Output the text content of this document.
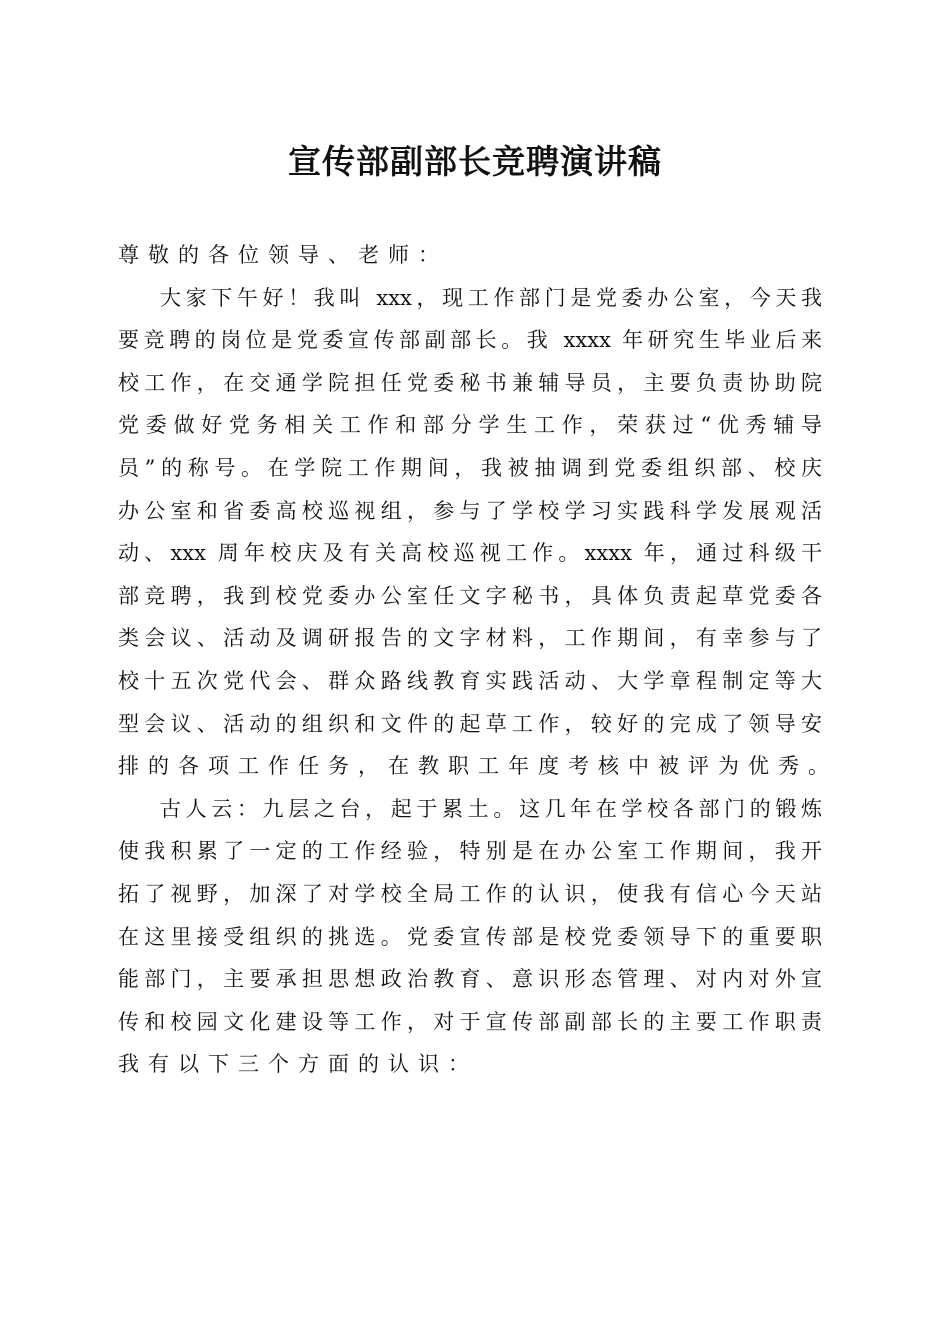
宣传部副部长竞聘演讲稿
尊敬的各位领导、老师：
大家下午好！我叫 xxx，现工作部门是党委办公室，今天我
要竞聘的岗位是党委宣传部副部长。我 xxxx 年研究生毕业后来
校工作，在交通学院担任党委秘书兼辅导员，主要负责协助院
党委做好党务相关工作和部分学生工作，荣获过“优秀辅导
员”的称号。在学院工作期间，我被抽调到党委组织部、校庆
办公室和省委高校巡视组，参与了学校学习实践科学发展观活
动、xxx 周年校庆及有关高校巡视工作。xxxx 年，通过科级干
部竞聘，我到校党委办公室任文字秘书，具体负责起草党委各
类会议、活动及调研报告的文字材料，工作期间，有幸参与了
校十五次党代会、群众路线教育实践活动、大学章程制定等大
型会议、活动的组织和文件的起草工作，较好的完成了领导安
排的各项工作任务，在教职工年度考核中被评为优秀。
古人云：九层之台，起于累土。这几年在学校各部门的锻炼
使我积累了一定的工作经验，特别是在办公室工作期间，我开
拓了视野，加深了对学校全局工作的认识，使我有信心今天站
在这里接受组织的挑选。党委宣传部是校党委领导下的重要职
能部门，主要承担思想政治教育、意识形态管理、对内对外宣
传和校园文化建设等工作，对于宣传部副部长的主要工作职责
我有以下三个方面的认识：
